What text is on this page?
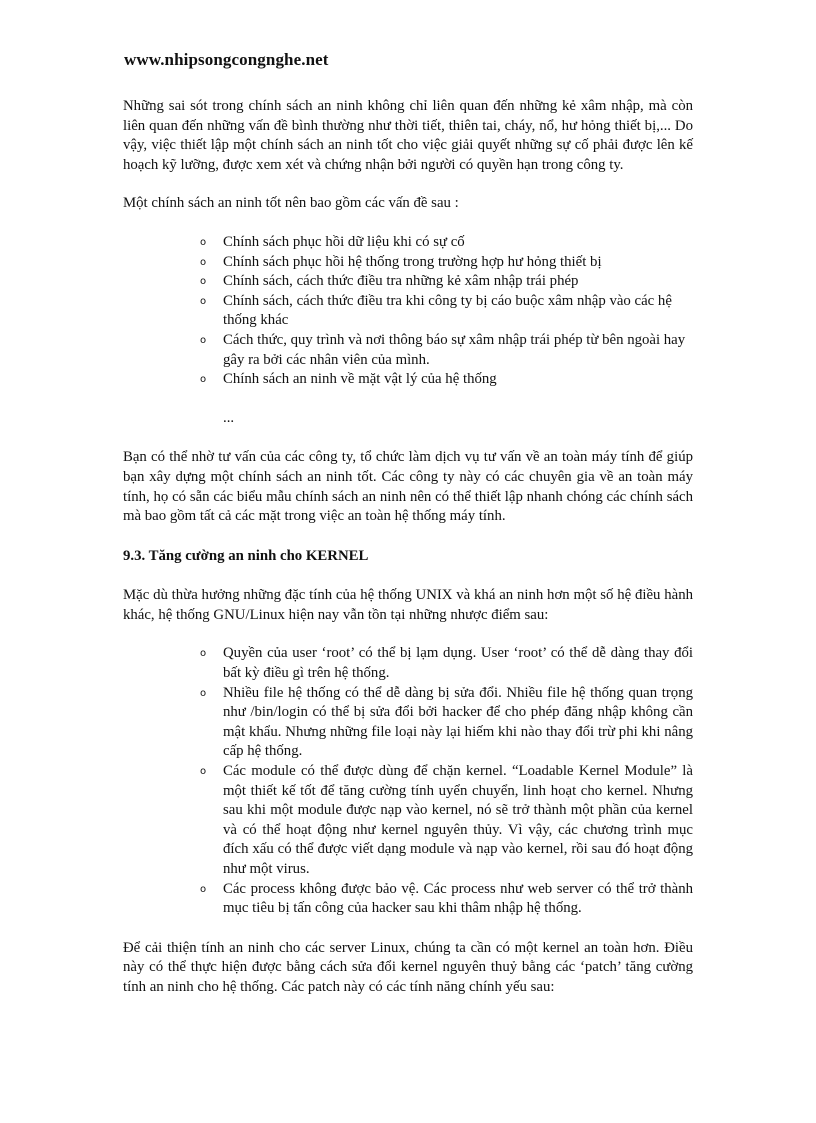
www.nhipsongcongnghe.net

Những sai sót trong chính sách an ninh không chỉ liên quan đến những kẻ xâm nhập, mà còn liên quan đến những vấn đề bình thường như thời tiết, thiên tai, cháy, nổ, hư hỏng thiết bị,... Do vậy, việc thiết lập một chính sách an ninh tốt cho việc giải quyết những sự cố phải được lên kế hoạch kỹ lưỡng, được xem xét và chứng nhận bởi người có quyền hạn trong công ty.

Một chính sách an ninh tốt nên bao gồm các vấn đề sau :

o Chính sách phục hồi dữ liệu khi có sự cố
o Chính sách phục hồi hệ thống trong trường hợp hư hỏng thiết bị
o Chính sách, cách thức điều tra những kẻ xâm nhập trái phép
o Chính sách, cách thức điều tra khi công ty bị cáo buộc xâm nhập vào các hệ thống khác
o Cách thức, quy trình và nơi thông báo sự xâm nhập trái phép từ bên ngoài hay gây ra bởi các nhân viên của mình.
o Chính sách an ninh về mặt vật lý của hệ thống
...

Bạn có thể nhờ tư vấn của các công ty, tổ chức làm dịch vụ tư vấn về an toàn máy tính để giúp bạn xây dựng một chính sách an ninh tốt. Các công ty này có các chuyên gia về an toàn máy tính, họ có sẵn các biểu mẫu chính sách an ninh nên có thể thiết lập nhanh chóng các chính sách mà bao gồm tất cả các mặt trong việc an toàn hệ thống máy tính.

9.3. Tăng cường an ninh cho KERNEL

Mặc dù thừa hưởng những đặc tính của hệ thống UNIX và khá an ninh hơn một số hệ điều hành khác, hệ thống GNU/Linux hiện nay vẫn tồn tại những nhược điểm sau:

o Quyền của user ‘root’ có thể bị lạm dụng. User ‘root’ có thể dễ dàng thay đổi bất kỳ điều gì trên hệ thống.
o Nhiều file hệ thống có thể dễ dàng bị sửa đổi. Nhiều file hệ thống quan trọng như /bin/login có thể bị sửa đổi bởi hacker để cho phép đăng nhập không cần mật khẩu. Nhưng những file loại này lại hiếm khi nào thay đổi trừ phi khi nâng cấp hệ thống.
o Các module có thể được dùng để chặn kernel. “Loadable Kernel Module” là một thiết kế tốt để tăng cường tính uyển chuyển, linh hoạt cho kernel. Nhưng sau khi một module được nạp vào kernel, nó sẽ trở thành một phần của kernel và có thể hoạt động như kernel nguyên thủy. Vì vậy, các chương trình mục đích xấu có thể được viết dạng module và nạp vào kernel, rồi sau đó hoạt động như một virus.
o Các process không được bảo vệ. Các process như web server có thể trở thành mục tiêu bị tấn công của hacker sau khi thâm nhập hệ thống.

Để cải thiện tính an ninh cho các server Linux, chúng ta cần có một kernel an toàn hơn. Điều này có thể thực hiện được bằng cách sửa đổi kernel nguyên thuỷ bằng các ‘patch’ tăng cường tính an ninh cho hệ thống. Các patch này có các tính năng chính yếu sau:
